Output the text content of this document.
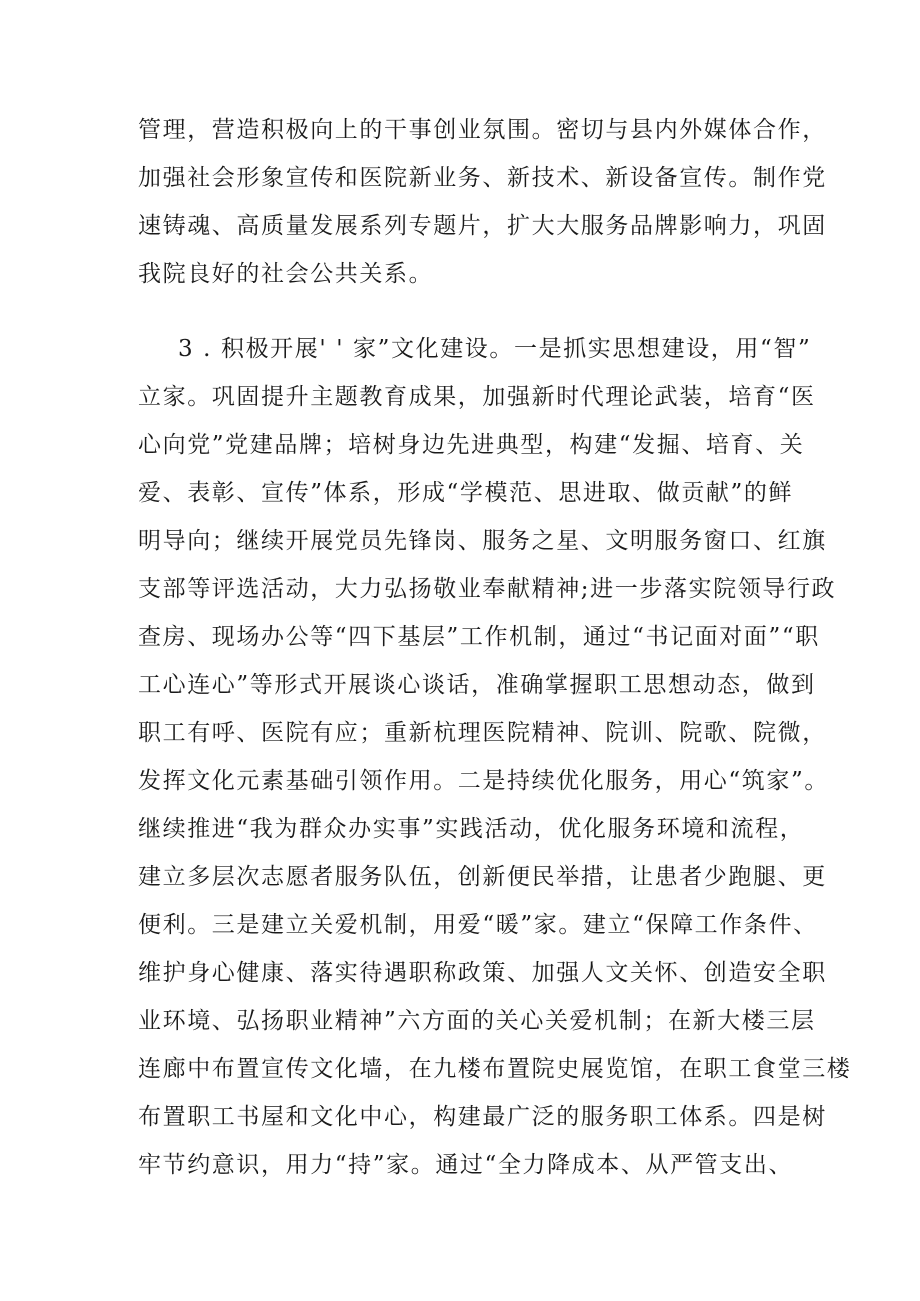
管理，营造积极向上的干事创业氛围。密切与县内外媒体合作，
加强社会形象宣传和医院新业务、新技术、新设备宣传。制作党
速铸魂、高质量发展系列专题片，扩大大服务品牌影响力，巩固
我院良好的社会公共关系。
3 . 积极开展' ' 家”文化建设。一是抓实思想建设，用“智”
立家。巩固提升主题教育成果，加强新时代理论武装，培育“医
心向党”党建品牌；培树身边先进典型，构建“发掘、培育、关
爱、表彰、宣传”体系，形成“学模范、思进取、做贡献”的鲜
明导向；继续开展党员先锋岗、服务之星、文明服务窗口、红旗
支部等评选活动，大力弘扬敬业奉献精神;进一步落实院领导行政
查房、现场办公等“四下基层”工作机制，通过“书记面对面”“职
工心连心”等形式开展谈心谈话，准确掌握职工思想动态，做到
职工有呼、医院有应；重新杭理医院精神、院训、院歌、院微，
发挥文化元素基础引领作用。二是持续优化服务，用心“筑家”。
继续推进“我为群众办实事”实践活动，优化服务环境和流程，
建立多层次志愿者服务队伍，创新便民举措，让患者少跑腿、更
便利。三是建立关爱机制，用爱“暖”家。建立“保障工作条件、
维护身心健康、落实待遇职称政策、加强人文关怀、创造安全职
业环境、弘扬职业精神”六方面的关心关爱机制；在新大楼三层
连廊中布置宣传文化墙，在九楼布置院史展览馆，在职工食堂三楼
布置职工书屋和文化中心，构建最广泛的服务职工体系。四是树
牢节约意识，用力“持”家。通过“全力降成本、从严管支出、
